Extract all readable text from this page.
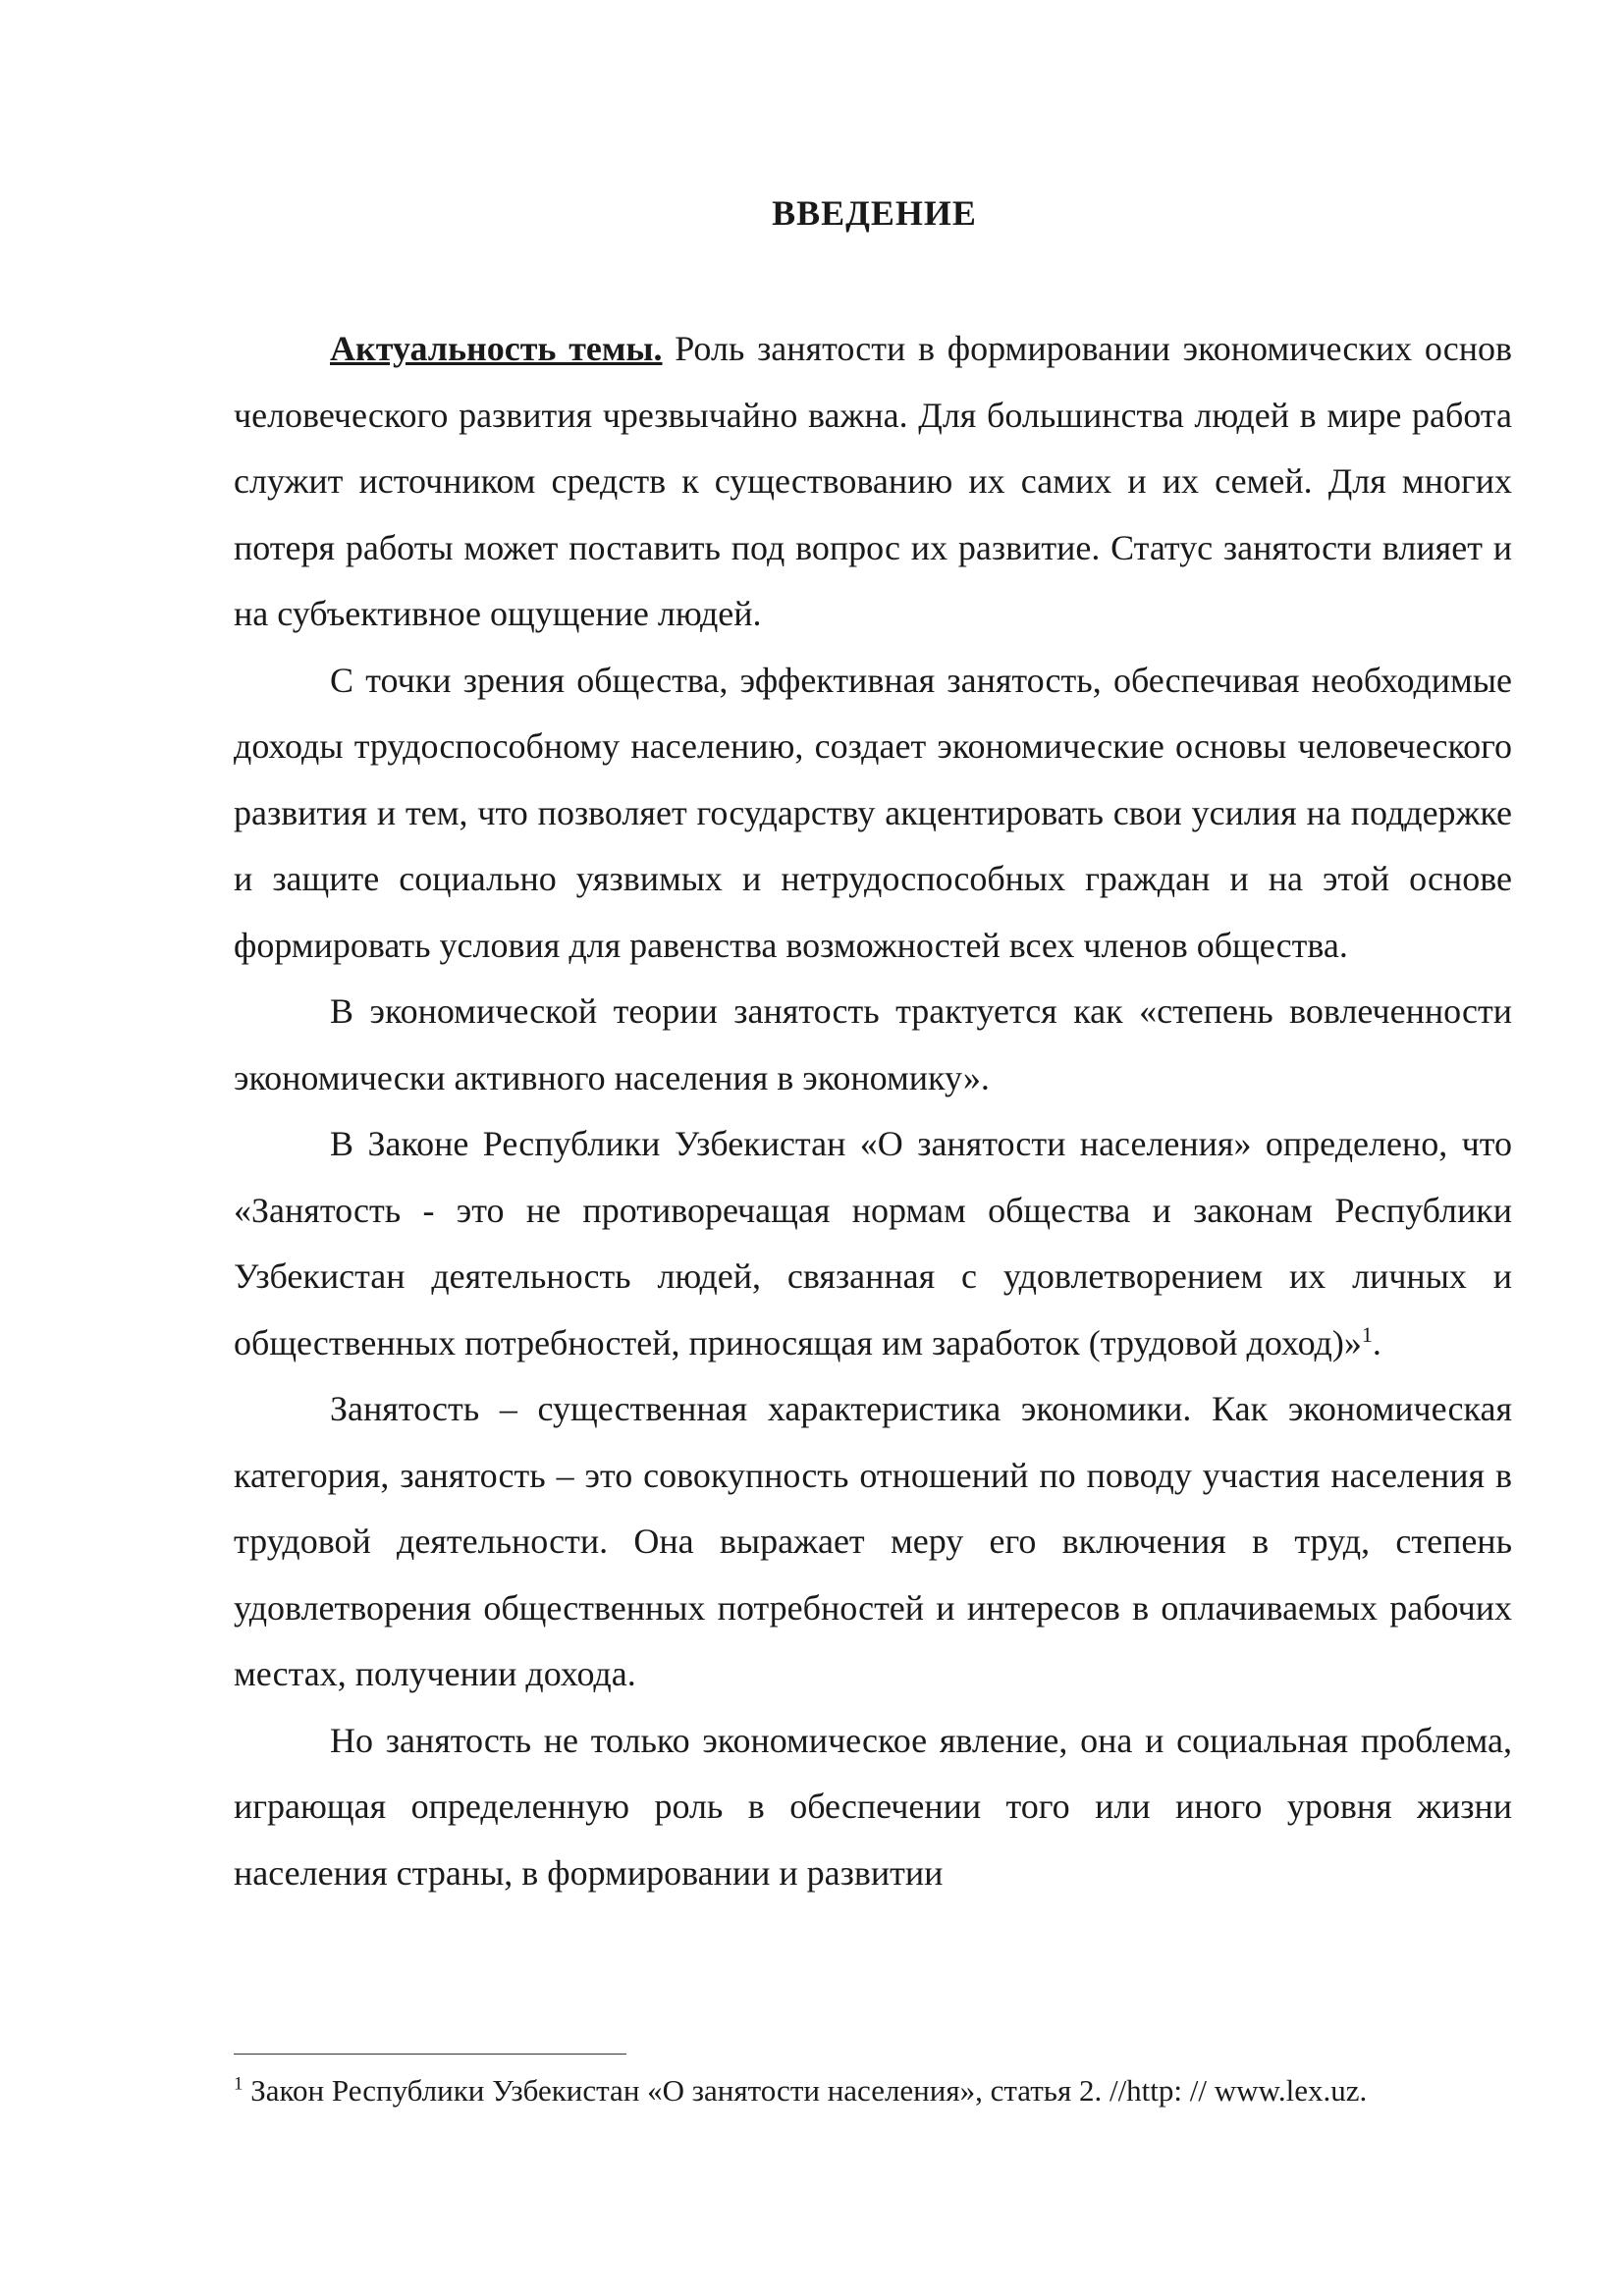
ВВЕДЕНИЕ

Актуальность темы. Роль занятости в формировании экономических основ человеческого развития чрезвычайно важна. Для большинства людей в мире работа служит источником средств к существованию их самих и их семей. Для многих потеря работы может поставить под вопрос их развитие. Статус занятости влияет и на субъективное ощущение людей.

С точки зрения общества, эффективная занятость, обеспечивая необходимые доходы трудоспособному населению, создает экономические основы человеческого развития и тем, что позволяет государству акцентировать свои усилия на поддержке и защите социально уязвимых и нетрудоспособных граждан и на этой основе формировать условия для равенства возможностей всех членов общества.

В экономической теории занятость трактуется как «степень вовлеченности экономически активного населения в экономику».

В Законе Республики Узбекистан «О занятости населения» определено, что «Занятость - это не противоречащая нормам общества и законам Республики Узбекистан деятельность людей, связанная с удовлетворением их личных и общественных потребностей, приносящая им заработок (трудовой доход)»$^1$.

Занятость – существенная характеристика экономики. Как экономическая категория, занятость – это совокупность отношений по поводу участия населения в трудовой деятельности. Она выражает меру его включения в труд, степень удовлетворения общественных потребностей и интересов в оплачиваемых рабочих местах, получении дохода.

Но занятость не только экономическое явление, она и социальная проблема, играющая определенную роль в обеспечении того или иного уровня жизни населения страны, в формировании и развитии

$^1$ Закон Республики Узбекистан «О занятости населения», статья 2. //http: // www.lex.uz.
